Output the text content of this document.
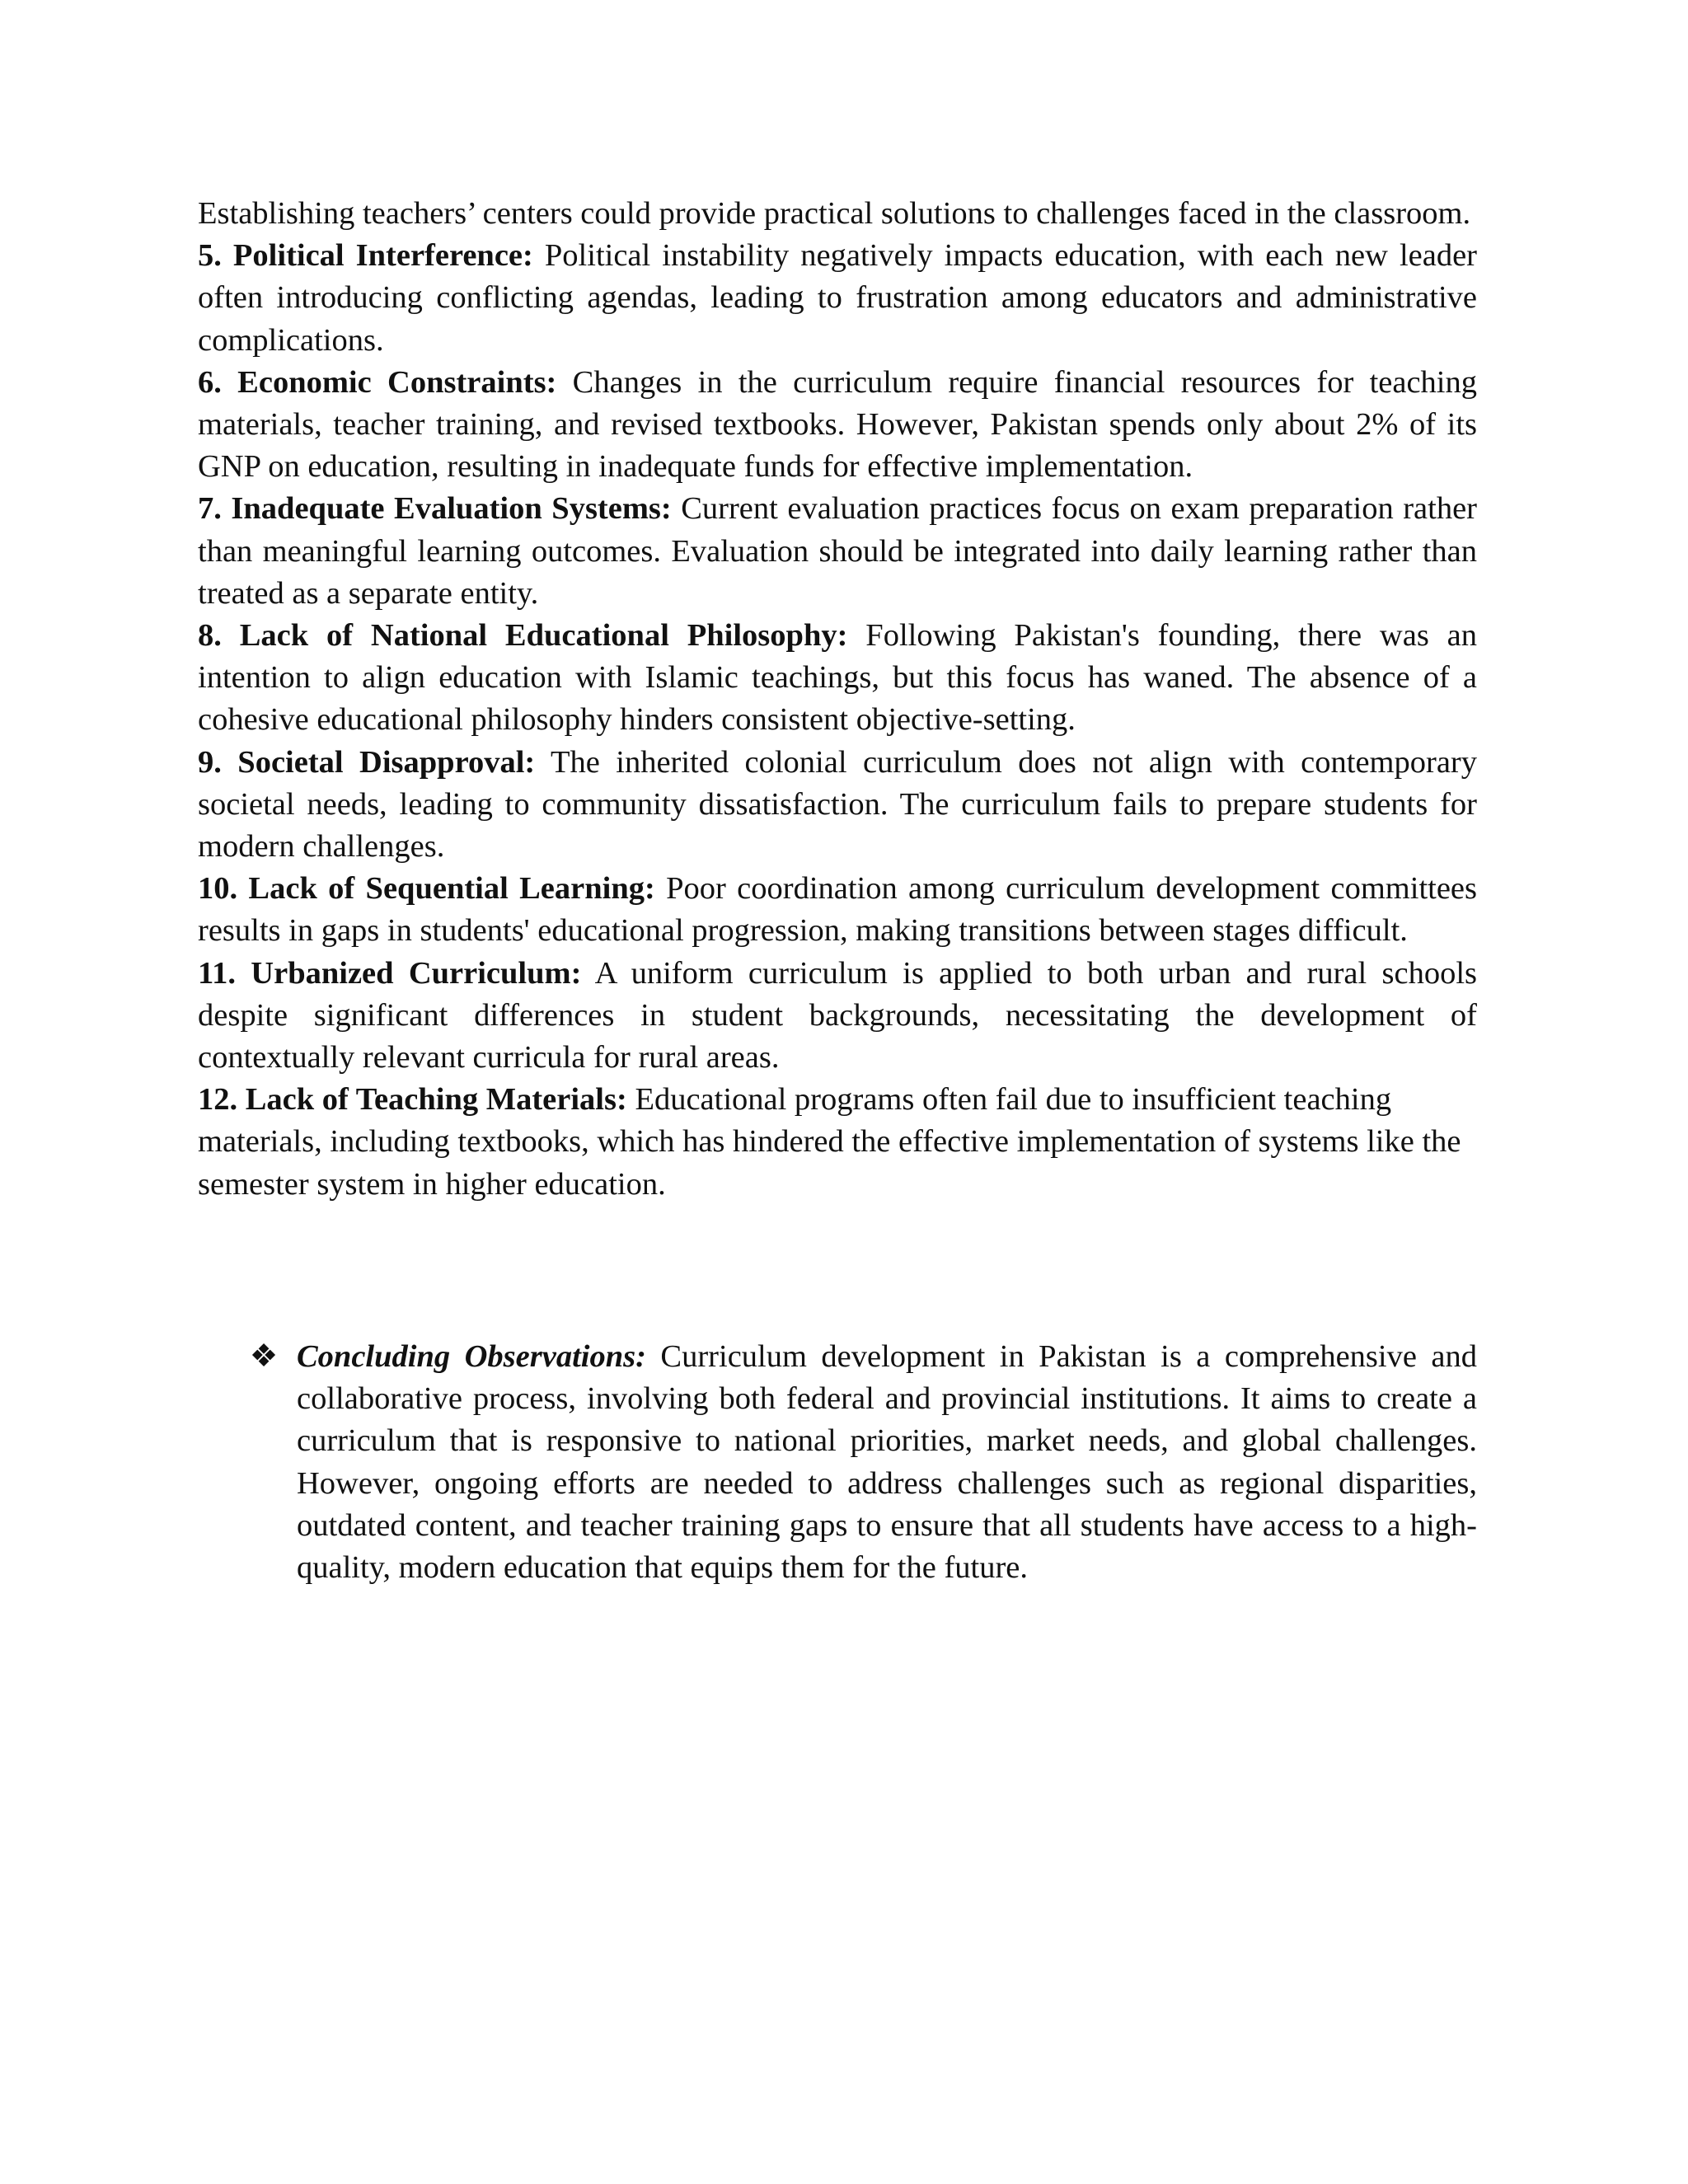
Establishing teachers’ centers could provide practical solutions to challenges faced in the classroom.

5. Political Interference: Political instability negatively impacts education, with each new leader often introducing conflicting agendas, leading to frustration among educators and administrative complications.

6. Economic Constraints: Changes in the curriculum require financial resources for teaching materials, teacher training, and revised textbooks. However, Pakistan spends only about 2% of its GNP on education, resulting in inadequate funds for effective implementation.

7. Inadequate Evaluation Systems: Current evaluation practices focus on exam preparation rather than meaningful learning outcomes. Evaluation should be integrated into daily learning rather than treated as a separate entity.

8. Lack of National Educational Philosophy: Following Pakistan's founding, there was an intention to align education with Islamic teachings, but this focus has waned. The absence of a cohesive educational philosophy hinders consistent objective-setting.

9. Societal Disapproval: The inherited colonial curriculum does not align with contemporary societal needs, leading to community dissatisfaction. The curriculum fails to prepare students for modern challenges.

10. Lack of Sequential Learning: Poor coordination among curriculum development committees results in gaps in students' educational progression, making transitions between stages difficult.

11. Urbanized Curriculum: A uniform curriculum is applied to both urban and rural schools despite significant differences in student backgrounds, necessitating the development of contextually relevant curricula for rural areas.

12. Lack of Teaching Materials: Educational programs often fail due to insufficient teaching materials, including textbooks, which has hindered the effective implementation of systems like the semester system in higher education.

❖ Concluding Observations: Curriculum development in Pakistan is a comprehensive and collaborative process, involving both federal and provincial institutions. It aims to create a curriculum that is responsive to national priorities, market needs, and global challenges. However, ongoing efforts are needed to address challenges such as regional disparities, outdated content, and teacher training gaps to ensure that all students have access to a high-quality, modern education that equips them for the future.
